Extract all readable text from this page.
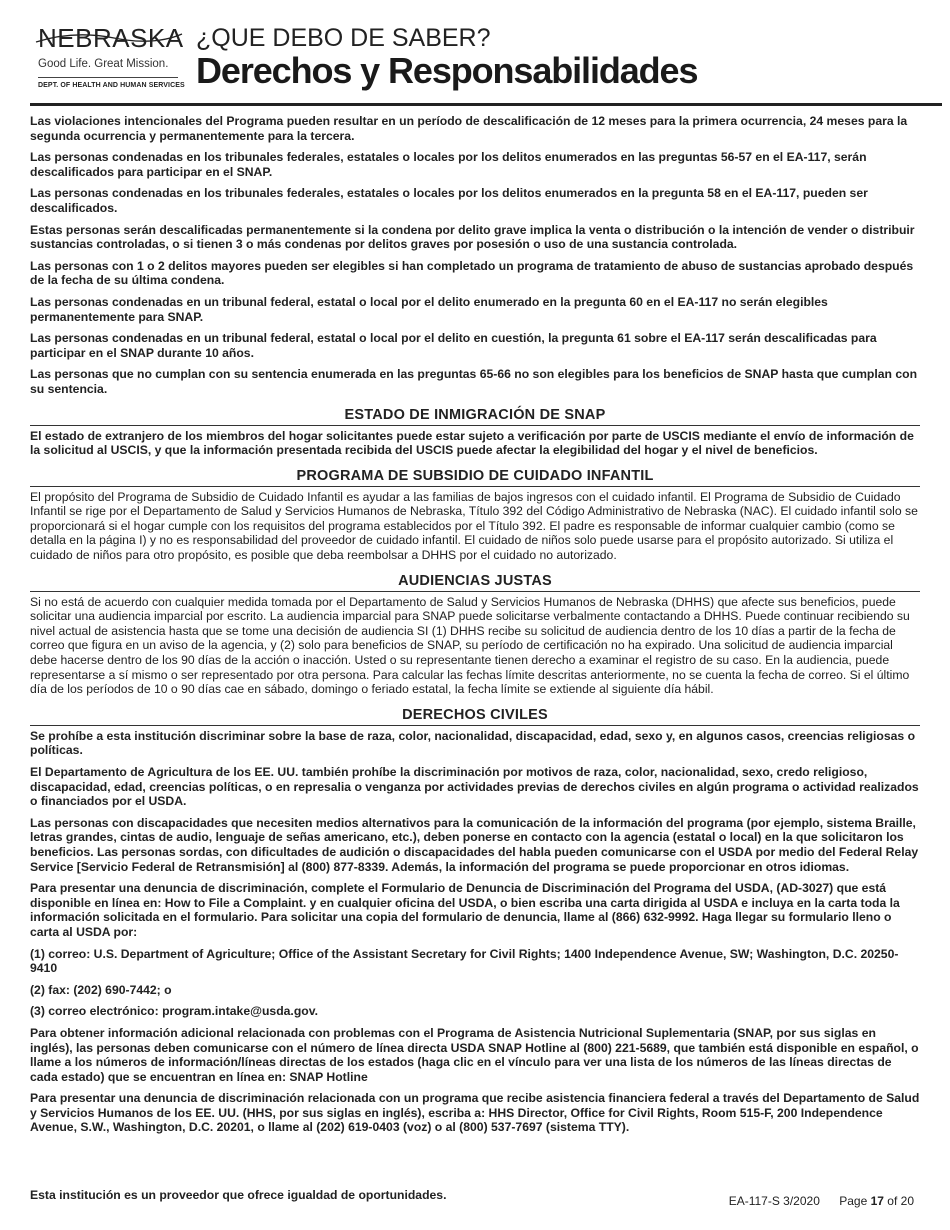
NEBRASKA
Good Life. Great Mission.
DEPT. OF HEALTH AND HUMAN SERVICES
¿QUE DEBO DE SABER?
Derechos y Responsabilidades

Las violaciones intencionales del Programa pueden resultar en un período de descalificación de 12 meses para la primera ocurrencia, 24 meses para la segunda ocurrencia y permanentemente para la tercera.

Las personas condenadas en los tribunales federales, estatales o locales por los delitos enumerados en las preguntas 56-57 en el EA-117, serán descalificados para participar en el SNAP.

Las personas condenadas en los tribunales federales, estatales o locales por los delitos enumerados en la pregunta 58 en el EA-117, pueden ser descalificados.

Estas personas serán descalificadas permanentemente si la condena por delito grave implica la venta o distribución o la intención de vender o distribuir sustancias controladas, o si tienen 3 o más condenas por delitos graves por posesión o uso de una sustancia controlada.

Las personas con 1 o 2 delitos mayores pueden ser elegibles si han completado un programa de tratamiento de abuso de sustancias aprobado después de la fecha de su última condena.

Las personas condenadas en un tribunal federal, estatal o local por el delito enumerado en la pregunta 60 en el EA-117 no serán elegibles permanentemente para SNAP.

Las personas condenadas en un tribunal federal, estatal o local por el delito en cuestión, la pregunta 61 sobre el EA-117 serán descalificadas para participar en el SNAP durante 10 años.

Las personas que no cumplan con su sentencia enumerada en las preguntas 65-66 no son elegibles para los beneficios de SNAP hasta que cumplan con su sentencia.

ESTADO DE INMIGRACIÓN DE SNAP

El estado de extranjero de los miembros del hogar solicitantes puede estar sujeto a verificación por parte de USCIS mediante el envío de información de la solicitud al USCIS, y que la información presentada recibida del USCIS puede afectar la elegibilidad del hogar y el nivel de beneficios.

PROGRAMA DE SUBSIDIO DE CUIDADO INFANTIL

El propósito del Programa de Subsidio de Cuidado Infantil es ayudar a las familias de bajos ingresos con el cuidado infantil. El Programa de Subsidio de Cuidado Infantil se rige por el Departamento de Salud y Servicios Humanos de Nebraska, Título 392 del Código Administrativo de Nebraska (NAC). El cuidado infantil solo se proporcionará si el hogar cumple con los requisitos del programa establecidos por el Título 392. El padre es responsable de informar cualquier cambio (como se detalla en la página I) y no es responsabilidad del proveedor de cuidado infantil. El cuidado de niños solo puede usarse para el propósito autorizado. Si utiliza el cuidado de niños para otro propósito, es posible que deba reembolsar a DHHS por el cuidado no autorizado.

AUDIENCIAS JUSTAS

Si no está de acuerdo con cualquier medida tomada por el Departamento de Salud y Servicios Humanos de Nebraska (DHHS) que afecte sus beneficios, puede solicitar una audiencia imparcial por escrito. La audiencia imparcial para SNAP puede solicitarse verbalmente contactando a DHHS. Puede continuar recibiendo su nivel actual de asistencia hasta que se tome una decisión de audiencia SI (1) DHHS recibe su solicitud de audiencia dentro de los 10 días a partir de la fecha de correo que figura en un aviso de la agencia, y (2) solo para beneficios de SNAP, su período de certificación no ha expirado. Una solicitud de audiencia imparcial debe hacerse dentro de los 90 días de la acción o inacción. Usted o su representante tienen derecho a examinar el registro de su caso. En la audiencia, puede representarse a sí mismo o ser representado por otra persona. Para calcular las fechas límite descritas anteriormente, no se cuenta la fecha de correo. Si el último día de los períodos de 10 o 90 días cae en sábado, domingo o feriado estatal, la fecha límite se extiende al siguiente día hábil.

DERECHOS CIVILES

Se prohíbe a esta institución discriminar sobre la base de raza, color, nacionalidad, discapacidad, edad, sexo y, en algunos casos, creencias religiosas o políticas.

El Departamento de Agricultura de los EE. UU. también prohíbe la discriminación por motivos de raza, color, nacionalidad, sexo, credo religioso, discapacidad, edad, creencias políticas, o en represalia o venganza por actividades previas de derechos civiles en algún programa o actividad realizados o financiados por el USDA.

Las personas con discapacidades que necesiten medios alternativos para la comunicación de la información del programa (por ejemplo, sistema Braille, letras grandes, cintas de audio, lenguaje de señas americano, etc.), deben ponerse en contacto con la agencia (estatal o local) en la que solicitaron los beneficios. Las personas sordas, con dificultades de audición o discapacidades del habla pueden comunicarse con el USDA por medio del Federal Relay Service [Servicio Federal de Retransmisión] al (800) 877-8339. Además, la información del programa se puede proporcionar en otros idiomas.

Para presentar una denuncia de discriminación, complete el Formulario de Denuncia de Discriminación del Programa del USDA, (AD-3027) que está disponible en línea en: How to File a Complaint. y en cualquier oficina del USDA, o bien escriba una carta dirigida al USDA e incluya en la carta toda la información solicitada en el formulario. Para solicitar una copia del formulario de denuncia, llame al (866) 632-9992. Haga llegar su formulario lleno o carta al USDA por:

(1) correo: U.S. Department of Agriculture; Office of the Assistant Secretary for Civil Rights; 1400 Independence Avenue, SW; Washington, D.C. 20250-9410

(2) fax: (202) 690-7442; o

(3) correo electrónico: program.intake@usda.gov.

Para obtener información adicional relacionada con problemas con el Programa de Asistencia Nutricional Suplementaria (SNAP, por sus siglas en inglés), las personas deben comunicarse con el número de línea directa USDA SNAP Hotline al (800) 221-5689, que también está disponible en español, o llame a los números de información/líneas directas de los estados (haga clic en el vínculo para ver una lista de los números de las líneas directas de cada estado) que se encuentran en línea en: SNAP Hotline

Para presentar una denuncia de discriminación relacionada con un programa que recibe asistencia financiera federal a través del Departamento de Salud y Servicios Humanos de los EE. UU. (HHS, por sus siglas en inglés), escriba a: HHS Director, Office for Civil Rights, Room 515-F, 200 Independence Avenue, S.W., Washington, D.C. 20201, o llame al (202) 619-0403 (voz) o al (800) 537-7697 (sistema TTY).

Esta institución es un proveedor que ofrece igualdad de oportunidades.	EA-117-S 3/2020 Page 17 of 20
